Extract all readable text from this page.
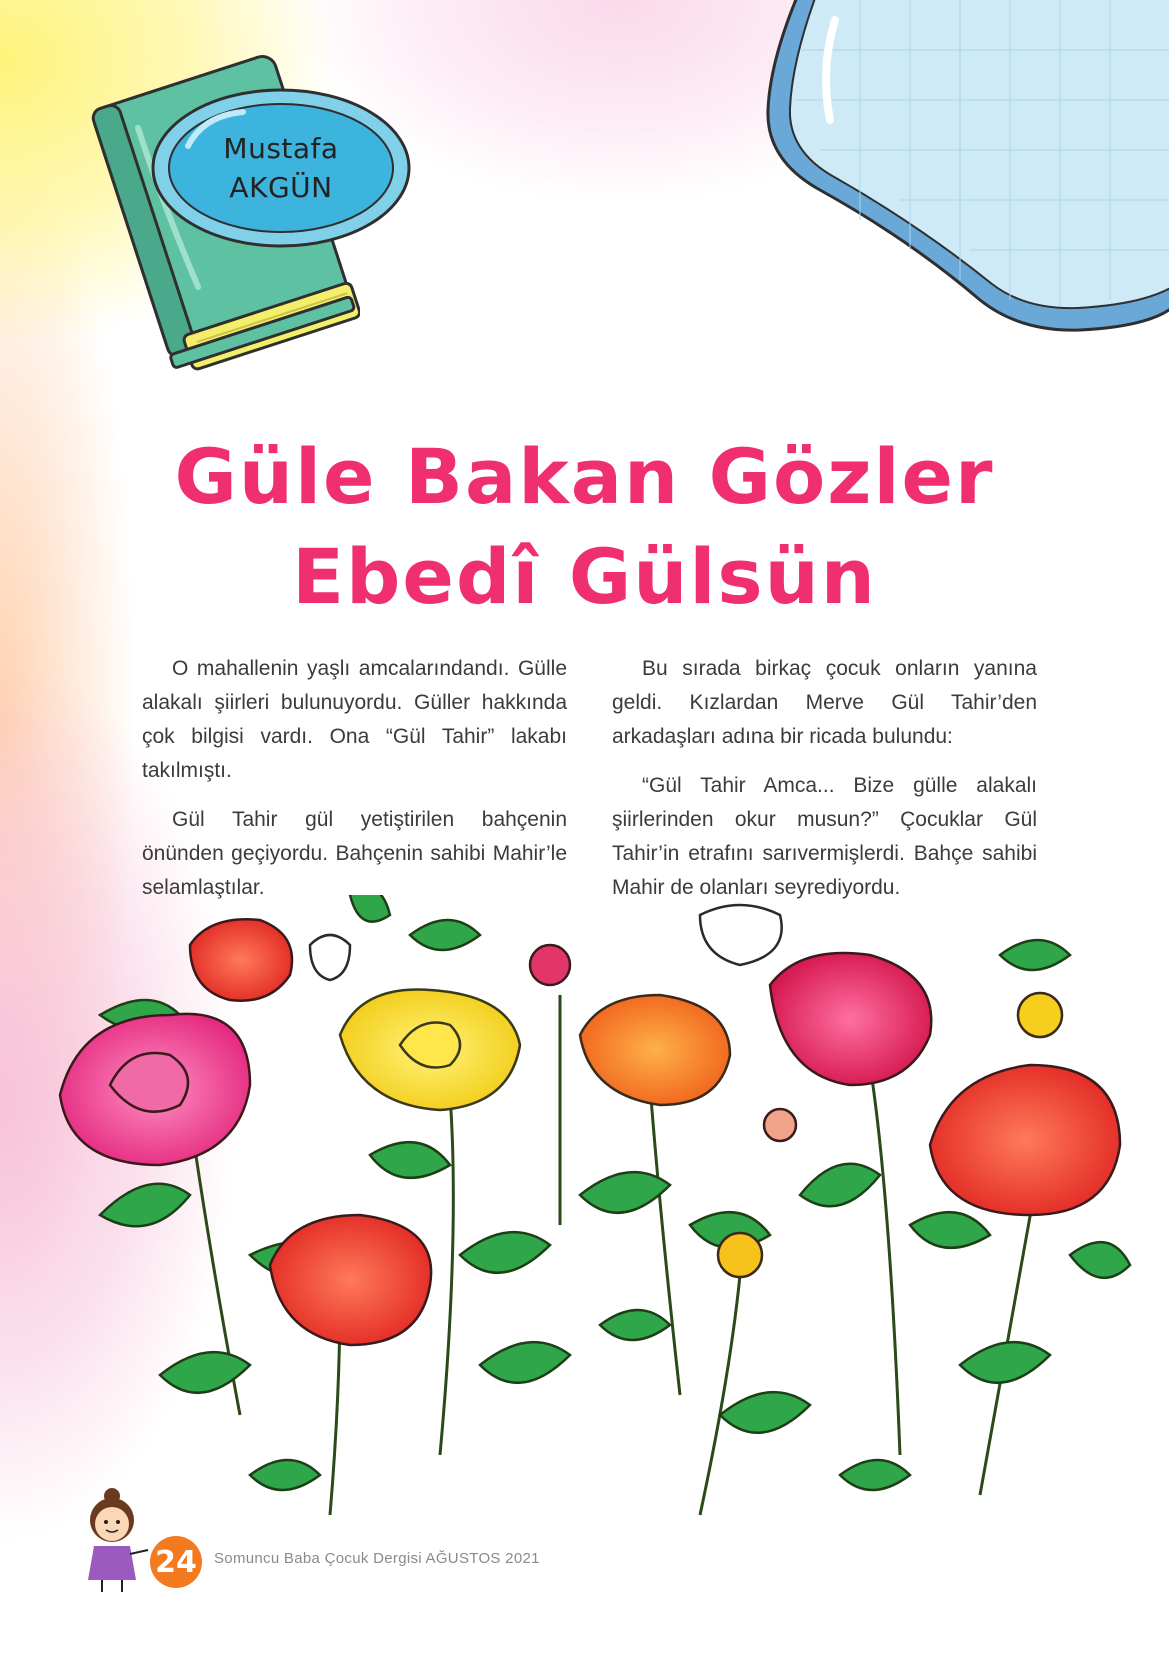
Mustafa
AKGÜN
Güle Bakan Gözler
Ebedî Gülsün

O mahallenin yaşlı amcalarındandı. Gülle alakalı şiirleri bulunuyordu. Güller hakkında çok bilgisi vardı. Ona “Gül Tahir” lakabı takılmıştı.

Gül Tahir gül yetiştirilen bahçenin önünden geçiyordu. Bahçenin sahibi Mahir’le selamlaştılar.

Bu sırada birkaç çocuk onların yanına geldi. Kızlardan Merve Gül Tahir’den arkadaşları adına bir ricada bulundu:

“Gül Tahir Amca... Bize gülle alakalı şiirlerinden okur musun?” Çocuklar Gül Tahir’in etrafını sarıvermişlerdi. Bahçe sahibi Mahir de olanları seyrediyordu.

24	Somuncu Baba Çocuk Dergisi AĞUSTOS 2021
